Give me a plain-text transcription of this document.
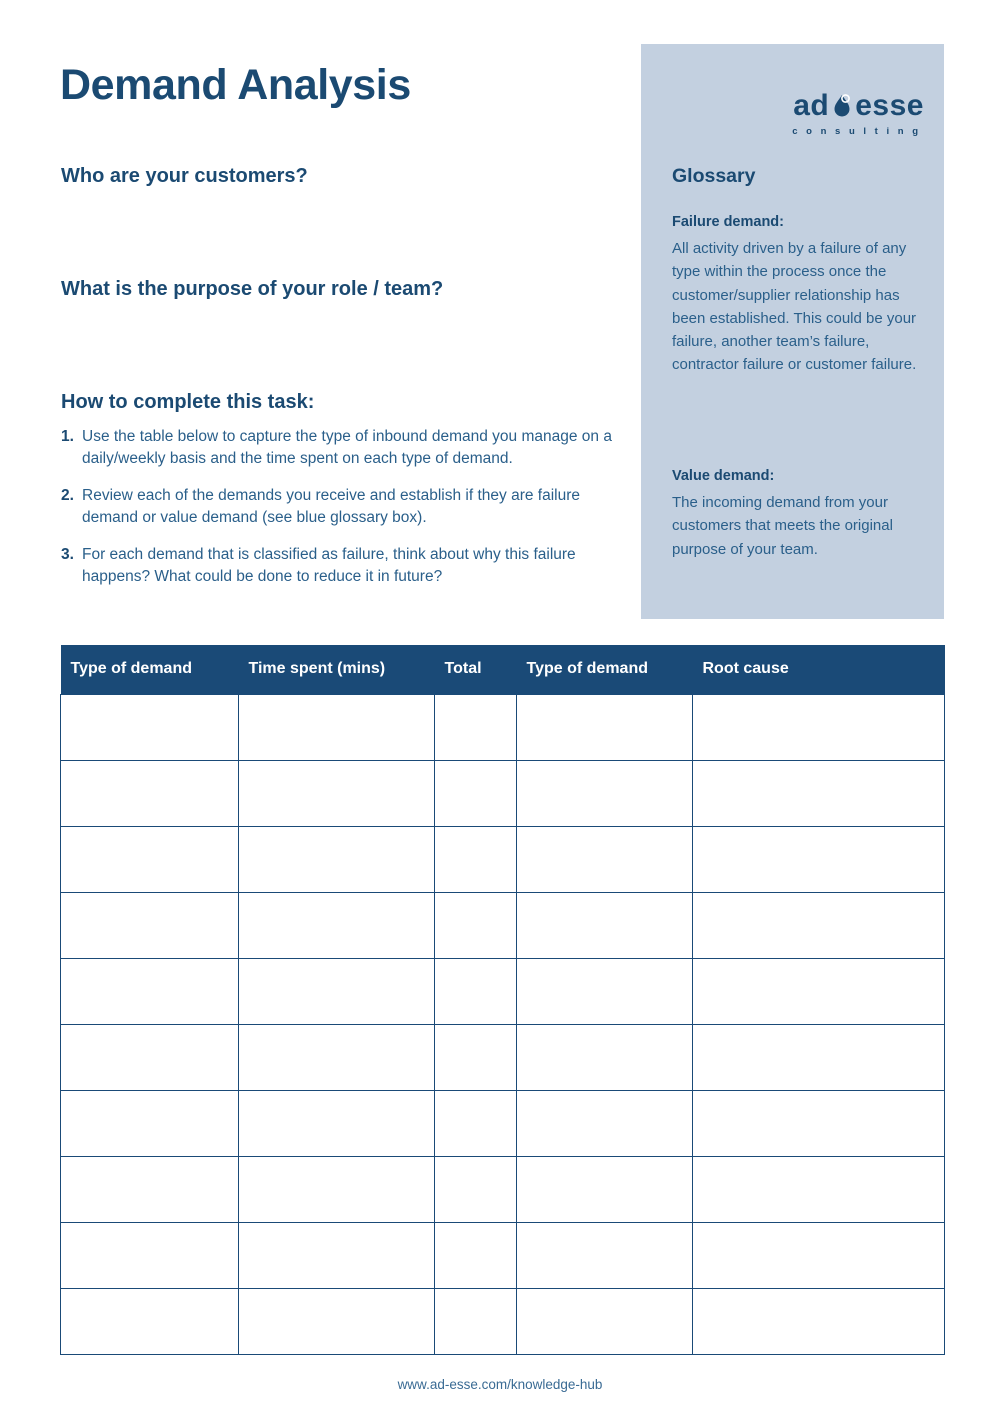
ad esse
c o n s u l t i n g
Glossary
Failure demand:
All activity driven by a failure of any type within the process once the customer/supplier relationship has been established. This could be your failure, another team’s failure, contractor failure or customer failure.
Value demand:
The incoming demand from your customers that meets the original purpose of your team.
Demand Analysis
Who are your customers?
What is the purpose of your role / team?
How to complete this task:
1. Use the table below to capture the type of inbound demand you manage on a daily/weekly basis and the time spent on each type of demand.
2. Review each of the demands you receive and establish if they are failure demand or value demand (see blue glossary box).
3. For each demand that is classified as failure, think about why this failure happens? What could be done to reduce it in future?
Type of demand	Time spent (mins)	Total	Type of demand	Root cause

www.ad-esse.com/knowledge-hub
